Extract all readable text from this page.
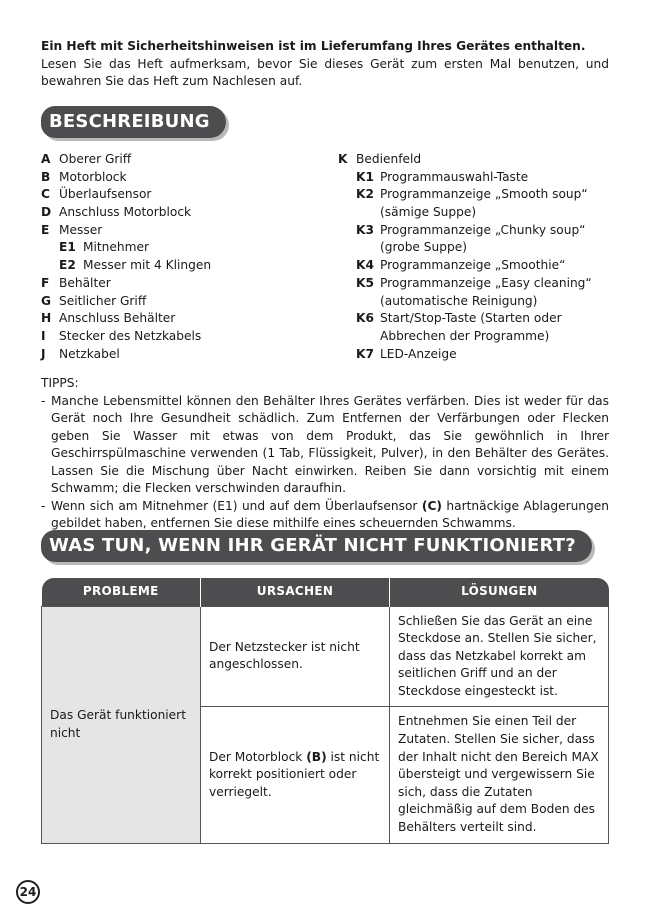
Ein Heft mit Sicherheitshinweisen ist im Lieferumfang Ihres Gerätes enthalten.
Lesen Sie das Heft aufmerksam, bevor Sie dieses Gerät zum ersten Mal benutzen, und bewahren Sie das Heft zum Nachlesen auf.
BESCHREIBUNG
A Oberer Griff
B Motorblock
C Überlaufsensor
D Anschluss Motorblock
E Messer
E1 Mitnehmer
E2 Messer mit 4 Klingen
F Behälter
G Seitlicher Griff
H Anschluss Behälter
I	Stecker des Netzkabels
J	Netzkabel
K Bedienfeld
K1 Programmauswahl-Taste
K2 Programmanzeige „Smooth soup“
(sämige Suppe)
K3 Programmanzeige „Chunky soup“
(grobe Suppe)
K4 Programmanzeige „Smoothie“
K5 Programmanzeige „Easy cleaning“
(automatische Reinigung)
K6 Start/Stop-Taste (Starten oder
Abbrechen der Programme)
K7 LED-Anzeige
TIPPS:
- Manche Lebensmittel können den Behälter Ihres Gerätes verfärben. Dies ist weder für das Gerät noch Ihre Gesundheit schädlich. Zum Entfernen der Verfärbungen oder Flecken geben Sie Wasser mit etwas von dem Produkt, das Sie gewöhnlich in Ihrer Geschirrspülmaschine verwenden (1 Tab, Flüssigkeit, Pulver), in den Behälter des Gerätes. Lassen Sie die Mischung über Nacht einwirken. Reiben Sie dann vorsichtig mit einem Schwamm; die Flecken verschwinden daraufhin.
- Wenn sich am Mitnehmer (E1) und auf dem Überlaufsensor (C) hartnäckige Ablagerungen gebildet haben, entfernen Sie diese mithilfe eines scheuernden Schwamms.
WAS TUN, WENN IHR GERÄT NICHT FUNKTIONIERT?
PROBLEME	URSACHEN	LÖSUNGEN
Das Gerät funktioniert nicht	Der Netzstecker ist nicht angeschlossen.	Schließen Sie das Gerät an eine Steckdose an. Stellen Sie sicher, dass das Netzkabel korrekt am seitlichen Griff und an der Steckdose eingesteckt ist.
	Der Motorblock (B) ist nicht korrekt positioniert oder verriegelt.	Entnehmen Sie einen Teil der Zutaten. Stellen Sie sicher, dass der Inhalt nicht den Bereich MAX übersteigt und vergewissern Sie sich, dass die Zutaten gleichmäßig auf dem Boden des Behälters verteilt sind.
24
